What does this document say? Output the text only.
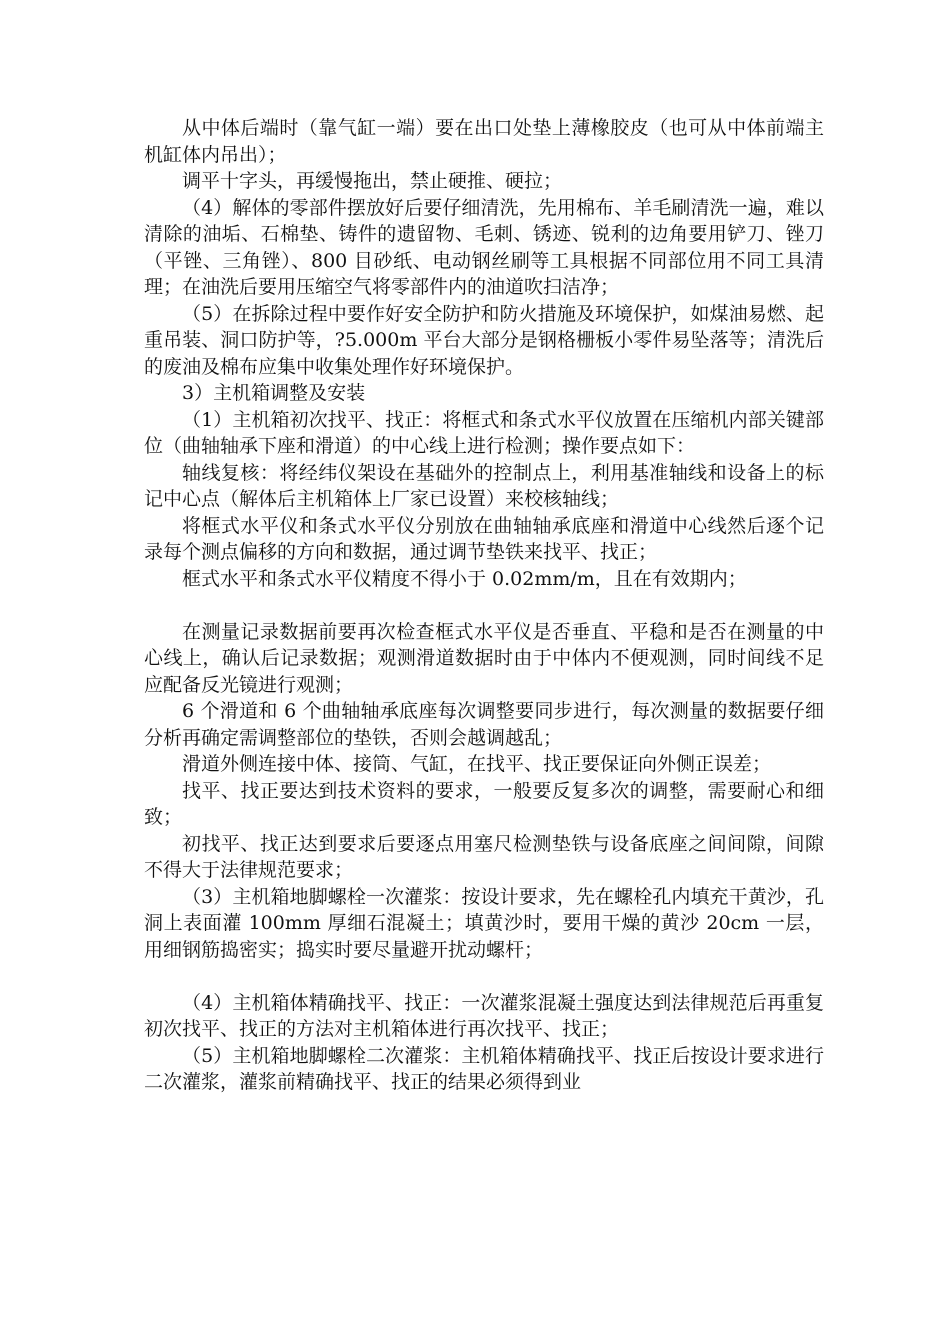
从中体后端时（靠气缸一端）要在出口处垫上薄橡胶皮（也可从中体前端主机缸体内吊出）；

调平十字头，再缓慢拖出，禁止硬推、硬拉；

（4）解体的零部件摆放好后要仔细清洗，先用棉布、羊毛刷清洗一遍，难以清除的油垢、石棉垫、铸件的遗留物、毛刺、锈迹、锐利的边角要用铲刀、锉刀（平锉、三角锉）、800 目砂纸、电动钢丝刷等工具根据不同部位用不同工具清理；在油洗后要用压缩空气将零部件内的油道吹扫洁净；

（5）在拆除过程中要作好安全防护和防火措施及环境保护，如煤油易燃、起重吊装、洞口防护等，?5.000m 平台大部分是钢格栅板小零件易坠落等；清洗后的废油及棉布应集中收集处理作好环境保护。

3）主机箱调整及安装

（1）主机箱初次找平、找正：将框式和条式水平仪放置在压缩机内部关键部位（曲轴轴承下座和滑道）的中心线上进行检测；操作要点如下：

轴线复核：将经纬仪架设在基础外的控制点上，利用基准轴线和设备上的标记中心点（解体后主机箱体上厂家已设置）来校核轴线；

将框式水平仪和条式水平仪分别放在曲轴轴承底座和滑道中心线然后逐个记录每个测点偏移的方向和数据，通过调节垫铁来找平、找正；

框式水平和条式水平仪精度不得小于 0.02mm/m，且在有效期内；

在测量记录数据前要再次检查框式水平仪是否垂直、平稳和是否在测量的中心线上，确认后记录数据；观测滑道数据时由于中体内不便观测，同时间线不足应配备反光镜进行观测；

6 个滑道和 6 个曲轴轴承底座每次调整要同步进行，每次测量的数据要仔细分析再确定需调整部位的垫铁，否则会越调越乱；

滑道外侧连接中体、接筒、气缸，在找平、找正要保证向外侧正误差；

找平、找正要达到技术资料的要求，一般要反复多次的调整，需要耐心和细致；

初找平、找正达到要求后要逐点用塞尺检测垫铁与设备底座之间间隙，间隙不得大于法律规范要求；

（3）主机箱地脚螺栓一次灌浆：按设计要求，先在螺栓孔内填充干黄沙，孔洞上表面灌 100mm 厚细石混凝土；填黄沙时，要用干燥的黄沙 20cm 一层，用细钢筋捣密实；捣实时要尽量避开扰动螺杆；

（4）主机箱体精确找平、找正：一次灌浆混凝土强度达到法律规范后再重复初次找平、找正的方法对主机箱体进行再次找平、找正；

（5）主机箱地脚螺栓二次灌浆：主机箱体精确找平、找正后按设计要求进行二次灌浆，灌浆前精确找平、找正的结果必须得到业
